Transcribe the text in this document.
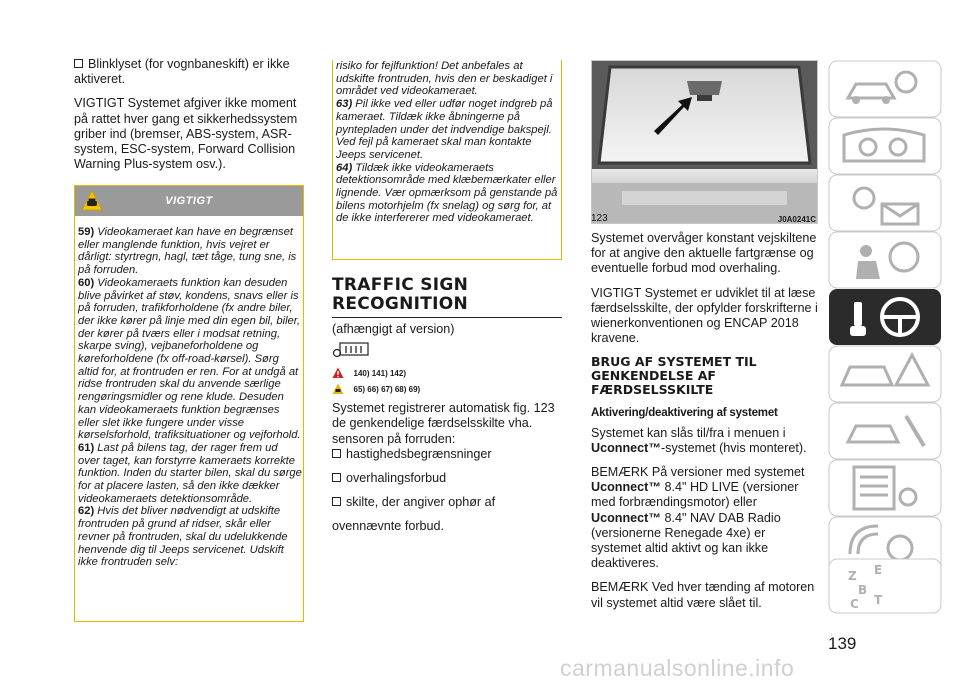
Blinklyset (for vognbaneskift) er ikke aktiveret.

VIGTIGT Systemet afgiver ikke moment på rattet hver gang et sikkerhedssystem griber ind (bremser, ABS-system, ASR-system, ESC-system, Forward Collision Warning Plus-system osv.).

VIGTIGT

59) Videokameraet kan have en begrænset eller manglende funktion, hvis vejret er dårligt: styrtregn, hagl, tæt tåge, tung sne, is på forruden.

60) Videokameraets funktion kan desuden blive påvirket af støv, kondens, snavs eller is på forruden, trafikforholdene (fx andre biler, der ikke kører på linje med din egen bil, biler, der kører på tværs eller i modsat retning, skarpe sving), vejbaneforholdene og køreforholdene (fx off-road-kørsel). Sørg altid for, at frontruden er ren. For at undgå at ridse frontruden skal du anvende særlige rengøringsmidler og rene klude. Desuden kan videokameraets funktion begrænses eller slet ikke fungere under visse kørselsforhold, trafiksituationer og vejforhold.

61) Last på bilens tag, der rager frem ud over taget, kan forstyrre kameraets korrekte funktion. Inden du starter bilen, skal du sørge for at placere lasten, så den ikke dækker videokameraets detektionsområde.

62) Hvis det bliver nødvendigt at udskifte frontruden på grund af ridser, skår eller revner på frontruden, skal du udelukkende henvende dig til Jeeps servicenet. Udskift ikke frontruden selv:

risiko for fejlfunktion! Det anbefales at udskifte frontruden, hvis den er beskadiget i området ved videokameraet.

63) Pil ikke ved eller udfør noget indgreb på kameraet. Tildæk ikke åbningerne på pyntepladen under det indvendige bakspejl. Ved fejl på kameraet skal man kontakte Jeeps servicenet.

64) Tildæk ikke videokameraets detektionsområde med klæbemærkater eller lignende. Vær opmærksom på genstande på bilens motorhjelm (fx snelag) og sørg for, at de ikke interfererer med videokameraet.

TRAFFIC SIGN RECOGNITION

(afhængigt af version)

140) 141) 142)
65) 66) 67) 68) 69)

Systemet registrerer automatisk fig. 123 de genkendelige færdselsskilte vha. sensoren på forruden:

hastighedsbegrænsninger

overhalingsforbud

skilte, der angiver ophør af

ovennævnte forbud.

123	J0A0241C

Systemet overvåger konstant vejskiltene for at angive den aktuelle fartgrænse og eventuelle forbud mod overhaling.

VIGTIGT Systemet er udviklet til at læse færdselsskilte, der opfylder forskrifterne i wienerkonventionen og ENCAP 2018 kravene.

BRUG AF SYSTEMET TIL GENKENDELSE AF FÆRDSELSSKILTE
Aktivering/deaktivering af systemet

Systemet kan slås til/fra i menuen i Uconnect™-systemet (hvis monteret).

BEMÆRK På versioner med systemet Uconnect™ 8.4" HD LIVE (versioner med forbrændingsmotor) eller Uconnect™ 8.4" NAV DAB Radio (versionerne Renegade 4xe) er systemet altid aktivt og kan ikke deaktiveres.

BEMÆRK Ved hver tænding af motoren vil systemet altid være slået til.

Z E
B
C T
139
carmanualsonline.info
